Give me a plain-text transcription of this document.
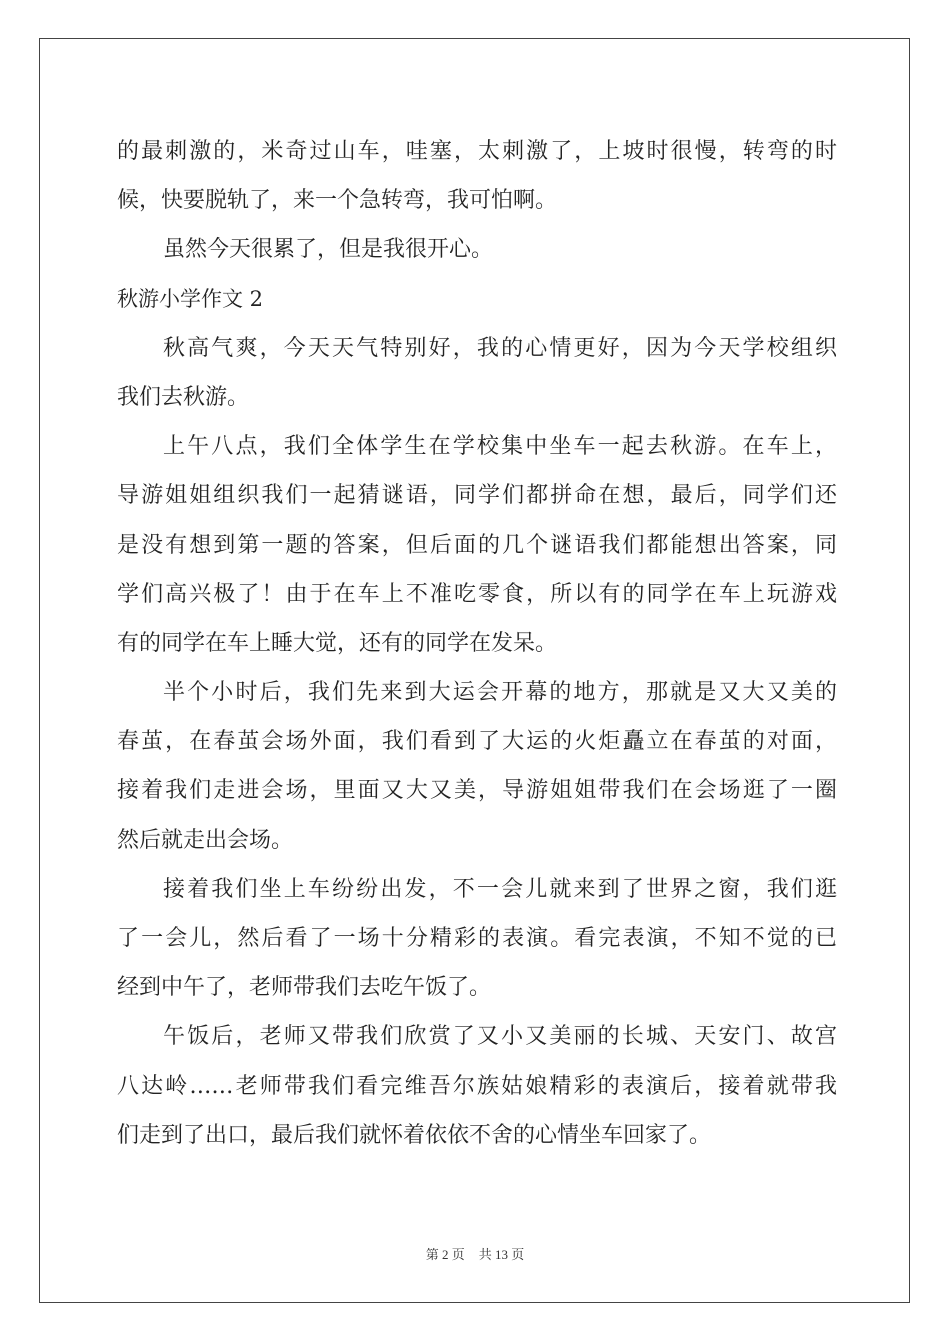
的最刺激的，米奇过山车，哇塞，太刺激了，上坡时很慢，转弯的时
候，快要脱轨了，来一个急转弯，我可怕啊。
虽然今天很累了，但是我很开心。
秋游小学作文 2
秋高气爽，今天天气特别好，我的心情更好，因为今天学校组织
我们去秋游。
上午八点，我们全体学生在学校集中坐车一起去秋游。在车上，
导游姐姐组织我们一起猜谜语，同学们都拼命在想，最后，同学们还
是没有想到第一题的答案，但后面的几个谜语我们都能想出答案，同
学们高兴极了！由于在车上不准吃零食，所以有的同学在车上玩游戏
有的同学在车上睡大觉，还有的同学在发呆。
半个小时后，我们先来到大运会开幕的地方，那就是又大又美的
春茧，在春茧会场外面，我们看到了大运的火炬矗立在春茧的对面，
接着我们走进会场，里面又大又美，导游姐姐带我们在会场逛了一圈
然后就走出会场。
接着我们坐上车纷纷出发，不一会儿就来到了世界之窗，我们逛
了一会儿，然后看了一场十分精彩的表演。看完表演，不知不觉的已
经到中午了，老师带我们去吃午饭了。
午饭后，老师又带我们欣赏了又小又美丽的长城、天安门、故宫
八达岭……老师带我们看完维吾尔族姑娘精彩的表演后，接着就带我
们走到了出口，最后我们就怀着依依不舍的心情坐车回家了。
第 2 页 共 13 页
